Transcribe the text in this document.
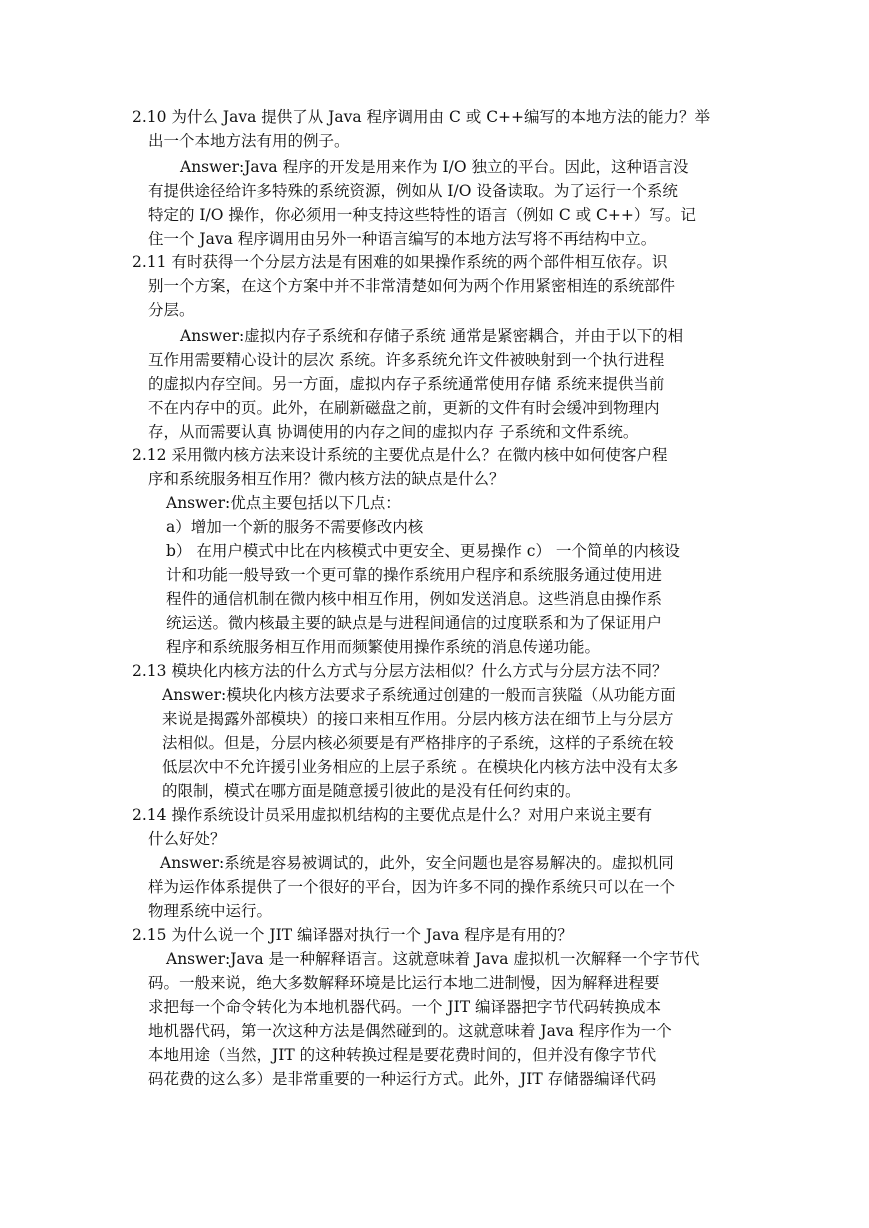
2.10 为什么 Java 提供了从 Java 程序调用由 C 或 C++编写的本地方法的能力？举
出一个本地方法有用的例子。
Answer:Java 程序的开发是用来作为 I/O 独立的平台。因此，这种语言没
有提供途径给许多特殊的系统资源，例如从 I/O 设备读取。为了运行一个系统
特定的 I/O 操作，你必须用一种支持这些特性的语言（例如 C 或 C++）写。记
住一个 Java 程序调用由另外一种语言编写的本地方法写将不再结构中立。
2.11 有时获得一个分层方法是有困难的如果操作系统的两个部件相互依存。识
别一个方案，在这个方案中并不非常清楚如何为两个作用紧密相连的系统部件
分层。
Answer:虚拟内存子系统和存储子系统 通常是紧密耦合，并由于以下的相
互作用需要精心设计的层次 系统。许多系统允许文件被映射到一个执行进程
的虚拟内存空间。另一方面，虚拟内存子系统通常使用存储 系统来提供当前
不在内存中的页。此外，在刷新磁盘之前，更新的文件有时会缓冲到物理内
存，从而需要认真 协调使用的内存之间的虚拟内存 子系统和文件系统。
2.12 采用微内核方法来设计系统的主要优点是什么？在微内核中如何使客户程
序和系统服务相互作用？微内核方法的缺点是什么？
Answer:优点主要包括以下几点：
a）增加一个新的服务不需要修改内核
b） 在用户模式中比在内核模式中更安全、更易操作 c） 一个简单的内核设
计和功能一般导致一个更可靠的操作系统用户程序和系统服务通过使用进
程件的通信机制在微内核中相互作用，例如发送消息。这些消息由操作系
统运送。微内核最主要的缺点是与进程间通信的过度联系和为了保证用户
程序和系统服务相互作用而频繁使用操作系统的消息传递功能。
2.13 模块化内核方法的什么方式与分层方法相似？什么方式与分层方法不同？
Answer:模块化内核方法要求子系统通过创建的一般而言狭隘（从功能方面
来说是揭露外部模块）的接口来相互作用。分层内核方法在细节上与分层方
法相似。但是，分层内核必须要是有严格排序的子系统，这样的子系统在较
低层次中不允许援引业务相应的上层子系统 。在模块化内核方法中没有太多
的限制，模式在哪方面是随意援引彼此的是没有任何约束的。
2.14 操作系统设计员采用虚拟机结构的主要优点是什么？对用户来说主要有
什么好处？
Answer:系统是容易被调试的，此外，安全问题也是容易解决的。虚拟机同
样为运作体系提供了一个很好的平台，因为许多不同的操作系统只可以在一个
物理系统中运行。
2.15 为什么说一个 JIT 编译器对执行一个 Java 程序是有用的？
Answer:Java 是一种解释语言。这就意味着 Java 虚拟机一次解释一个字节代
码。一般来说，绝大多数解释环境是比运行本地二进制慢，因为解释进程要
求把每一个命令转化为本地机器代码。一个 JIT 编译器把字节代码转换成本
地机器代码，第一次这种方法是偶然碰到的。这就意味着 Java 程序作为一个
本地用途（当然，JIT 的这种转换过程是要花费时间的，但并没有像字节代
码花费的这么多）是非常重要的一种运行方式。此外，JIT 存储器编译代码
